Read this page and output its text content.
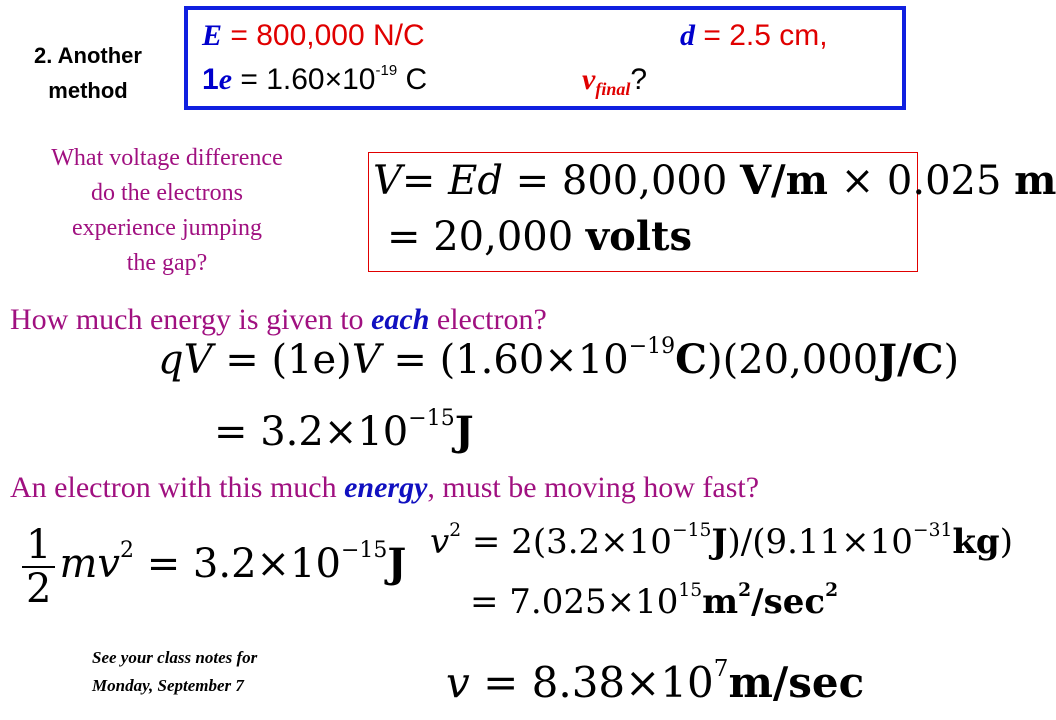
2. Another
method
E = 800,000 N/C	d = 2.5 cm,
$1e = 1.60\times 10^{-19}$ C	$v_{final}$?
What voltage difference
do the electrons
experience jumping
the gap?
V= Ed = 800,000 V/m × 0.025 m
= 20,000 volts
How much energy is given to each electron?
qV = $(1e)V = (1.60\times 10^{-19}C)(20,000J/C)$
= $3.2\times 10^{-15}J$
An electron with this much energy, must be moving how fast?
$\frac{1}{2} mv^2 = 3.2\times 10^{-15}J$ $v^2 = 2(3.2\times 10^{-15}J)/(9.11\times 10^{-31}kg)$
= $7.025\times 10^{15}m^2/\sec^2$
$v = 8.38\times 10^7m/\sec$
See your class notes for
Monday, September 7
